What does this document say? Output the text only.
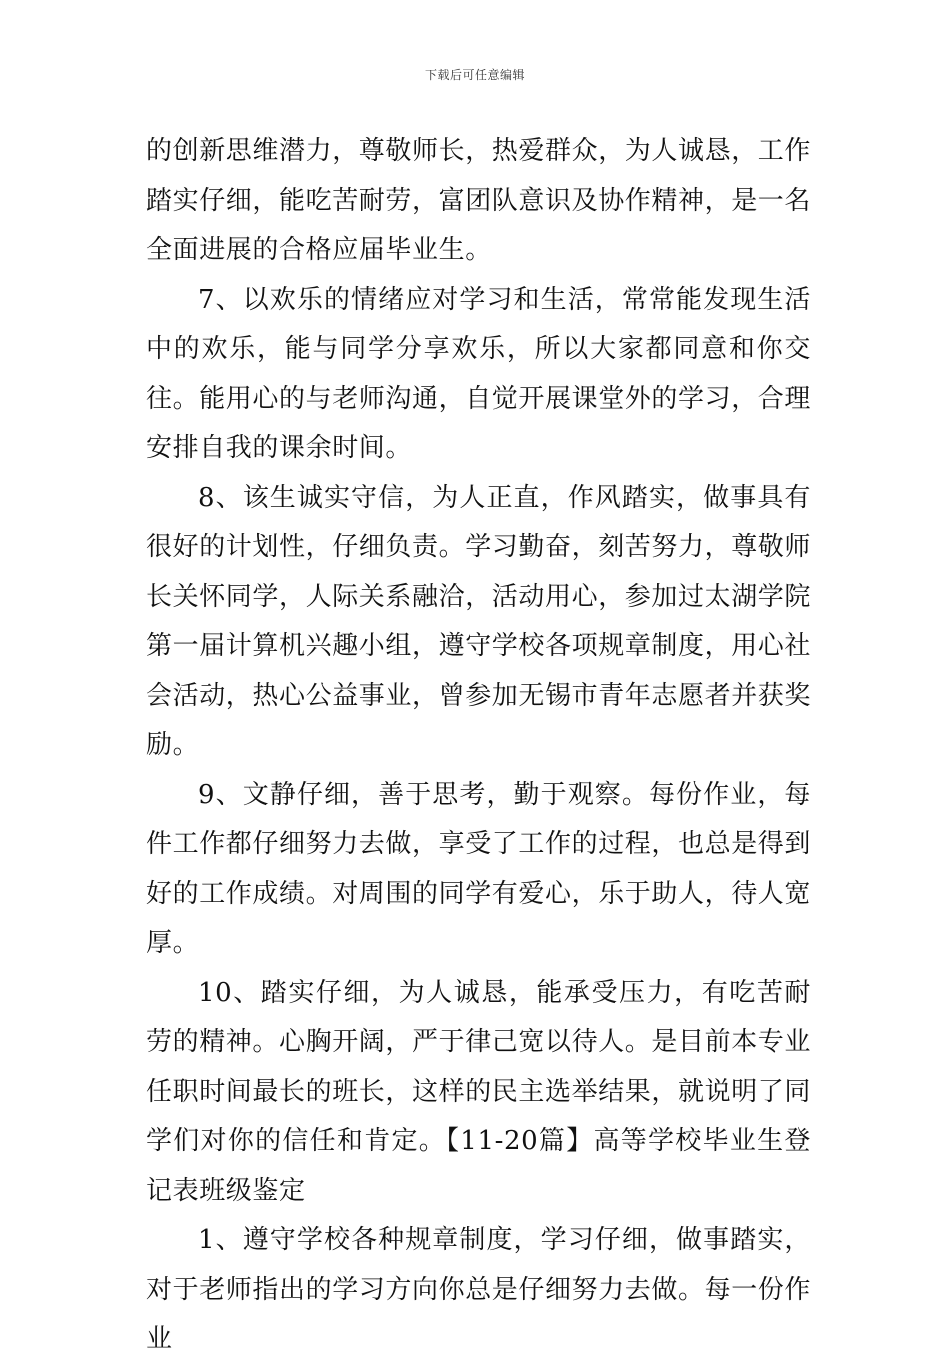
下载后可任意编辑

的创新思维潜力，尊敬师长，热爱群众，为人诚恳，工作踏实仔细，能吃苦耐劳，富团队意识及协作精神，是一名全面进展的合格应届毕业生。

7、以欢乐的情绪应对学习和生活，常常能发现生活中的欢乐，能与同学分享欢乐，所以大家都同意和你交往。能用心的与老师沟通，自觉开展课堂外的学习，合理安排自我的课余时间。

8、该生诚实守信，为人正直，作风踏实，做事具有很好的计划性，仔细负责。学习勤奋，刻苦努力，尊敬师长关怀同学，人际关系融洽，活动用心，参加过太湖学院第一届计算机兴趣小组，遵守学校各项规章制度，用心社会活动，热心公益事业，曾参加无锡市青年志愿者并获奖励。

9、文静仔细，善于思考，勤于观察。每份作业，每件工作都仔细努力去做，享受了工作的过程，也总是得到好的工作成绩。对周围的同学有爱心，乐于助人，待人宽厚。

10、踏实仔细，为人诚恳，能承受压力，有吃苦耐劳的精神。心胸开阔，严于律己宽以待人。是目前本专业任职时间最长的班长，这样的民主选举结果，就说明了同学们对你的信任和肯定。【11-20篇】高等学校毕业生登记表班级鉴定

1、遵守学校各种规章制度，学习仔细，做事踏实，对于老师指出的学习方向你总是仔细努力去做。每一份作业
